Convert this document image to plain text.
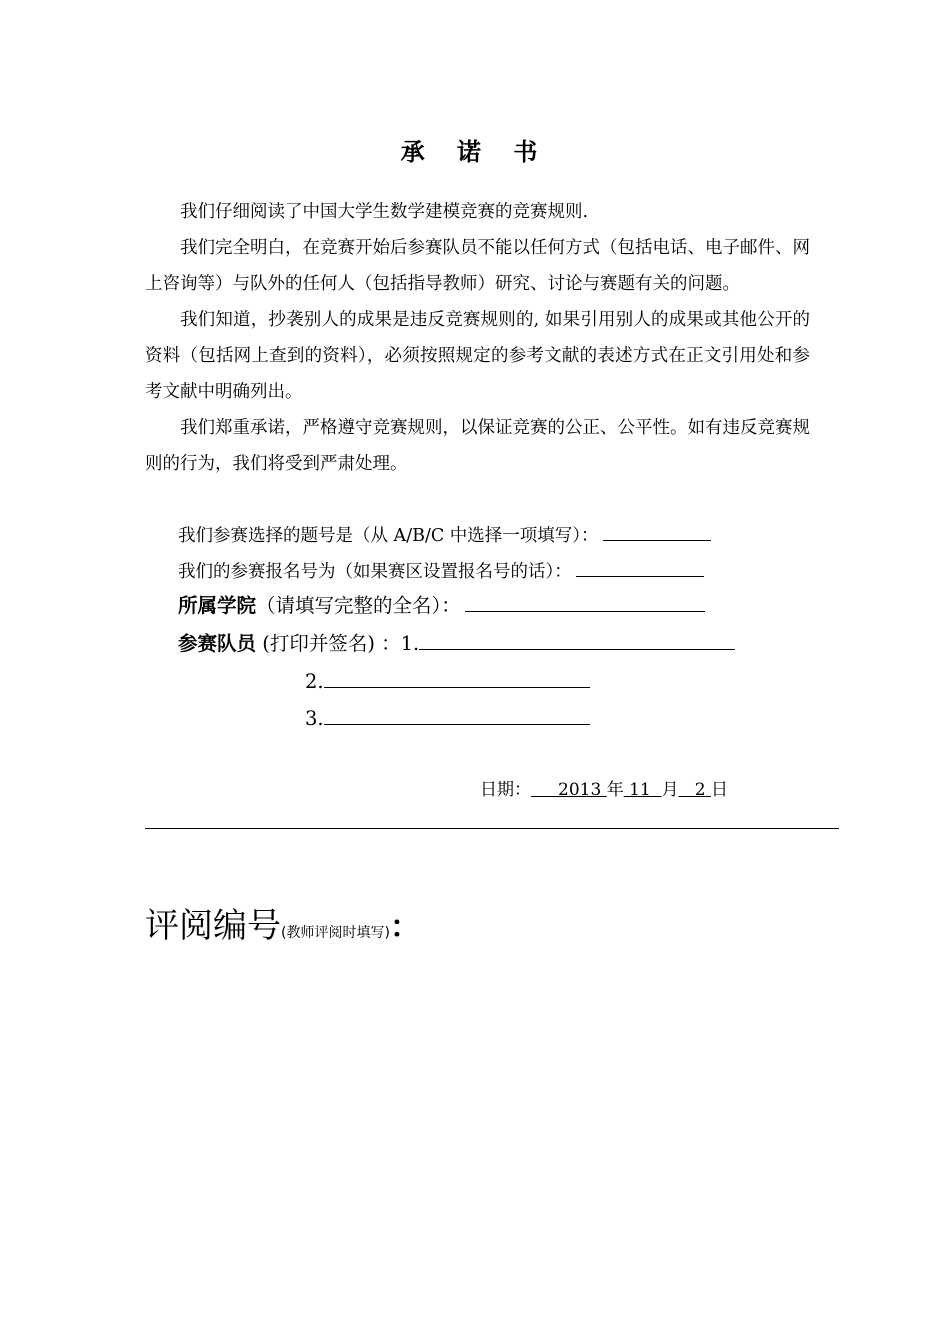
承 诺 书
我们仔细阅读了中国大学生数学建模竞赛的竞赛规则.
我们完全明白，在竞赛开始后参赛队员不能以任何方式（包括电话、电子邮件、网上咨询等）与队外的任何人（包括指导教师）研究、讨论与赛题有关的问题。
我们知道，抄袭别人的成果是违反竞赛规则的, 如果引用别人的成果或其他公开的资料（包括网上查到的资料），必须按照规定的参考文献的表述方式在正文引用处和参考文献中明确列出。
我们郑重承诺，严格遵守竞赛规则，以保证竞赛的公正、公平性。如有违反竞赛规则的行为，我们将受到严肃处理。
我们参赛选择的题号是（从 A/B/C 中选择一项填写）：
我们的参赛报名号为（如果赛区设置报名号的话）：
所属学院（请填写完整的全名）：
参赛队员 (打印并签名) ：1.
2.
3.
日期： 2013 年 11 月 2 日
评阅编号(教师评阅时填写)：
